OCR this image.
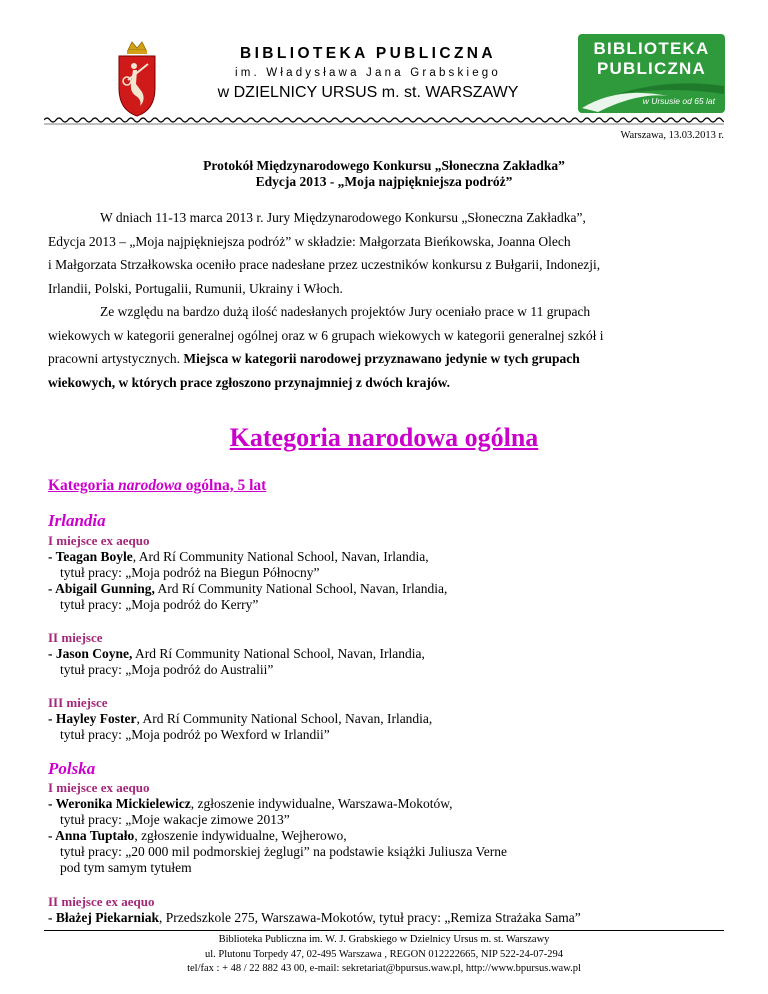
BIBLIOTEKA PUBLICZNA
im. Władysława Jana Grabskiego
w DZIELNICY URSUS m. st. WARSZAWY
BIBLIOTEKA
PUBLICZNA
w Ursusie od 65 lat
Warszawa, 13.03.2013 r.
Protokół Międzynarodowego Konkursu „Słoneczna Zakładka”
Edycja 2013 - „Moja najpiękniejsza podróż”
W dniach 11-13 marca 2013 r. Jury Międzynarodowego Konkursu „Słoneczna Zakładka”,
Edycja 2013 – „Moja najpiękniejsza podróż” w składzie: Małgorzata Bieńkowska, Joanna Olech
i Małgorzata Strzałkowska oceniło prace nadesłane przez uczestników konkursu z Bułgarii, Indonezji,
Irlandii, Polski, Portugalii, Rumunii, Ukrainy i Włoch.
Ze względu na bardzo dużą ilość nadesłanych projektów Jury oceniało prace w 11 grupach
wiekowych w kategorii generalnej ogólnej oraz w 6 grupach wiekowych w kategorii generalnej szkół i
pracowni artystycznych. Miejsca w kategorii narodowej przyznawano jedynie w tych grupach
wiekowych, w których prace zgłoszono przynajmniej z dwóch krajów.
Kategoria narodowa ogólna
Kategoria narodowa ogólna, 5 lat
Irlandia
I miejsce ex aequo
- Teagan Boyle, Ard Rí Community National School, Navan, Irlandia,
tytuł pracy: „Moja podróż na Biegun Północny”
- Abigail Gunning, Ard Rí Community National School, Navan, Irlandia,
tytuł pracy: „Moja podróż do Kerry”
II miejsce
- Jason Coyne, Ard Rí Community National School, Navan, Irlandia,
tytuł pracy: „Moja podróż do Australii”
III miejsce
- Hayley Foster, Ard Rí Community National School, Navan, Irlandia,
tytuł pracy: „Moja podróż po Wexford w Irlandii”
Polska
I miejsce ex aequo
- Weronika Mickielewicz, zgłoszenie indywidualne, Warszawa-Mokotów,
tytuł pracy: „Moje wakacje zimowe 2013”
- Anna Tuptało, zgłoszenie indywidualne, Wejherowo,
tytuł pracy: „20 000 mil podmorskiej żeglugi” na podstawie książki Juliusza Verne
pod tym samym tytułem
II miejsce ex aequo
- Błażej Piekarniak, Przedszkole 275, Warszawa-Mokotów, tytuł pracy: „Remiza Strażaka Sama”
Biblioteka Publiczna im. W. J. Grabskiego w Dzielnicy Ursus m. st. Warszawy
ul. Plutonu Torpedy 47, 02-495 Warszawa , REGON 012222665, NIP 522-24-07-294
tel/fax : + 48 / 22 882 43 00, e-mail: sekretariat@bpursus.waw.pl, http://www.bpursus.waw.pl
